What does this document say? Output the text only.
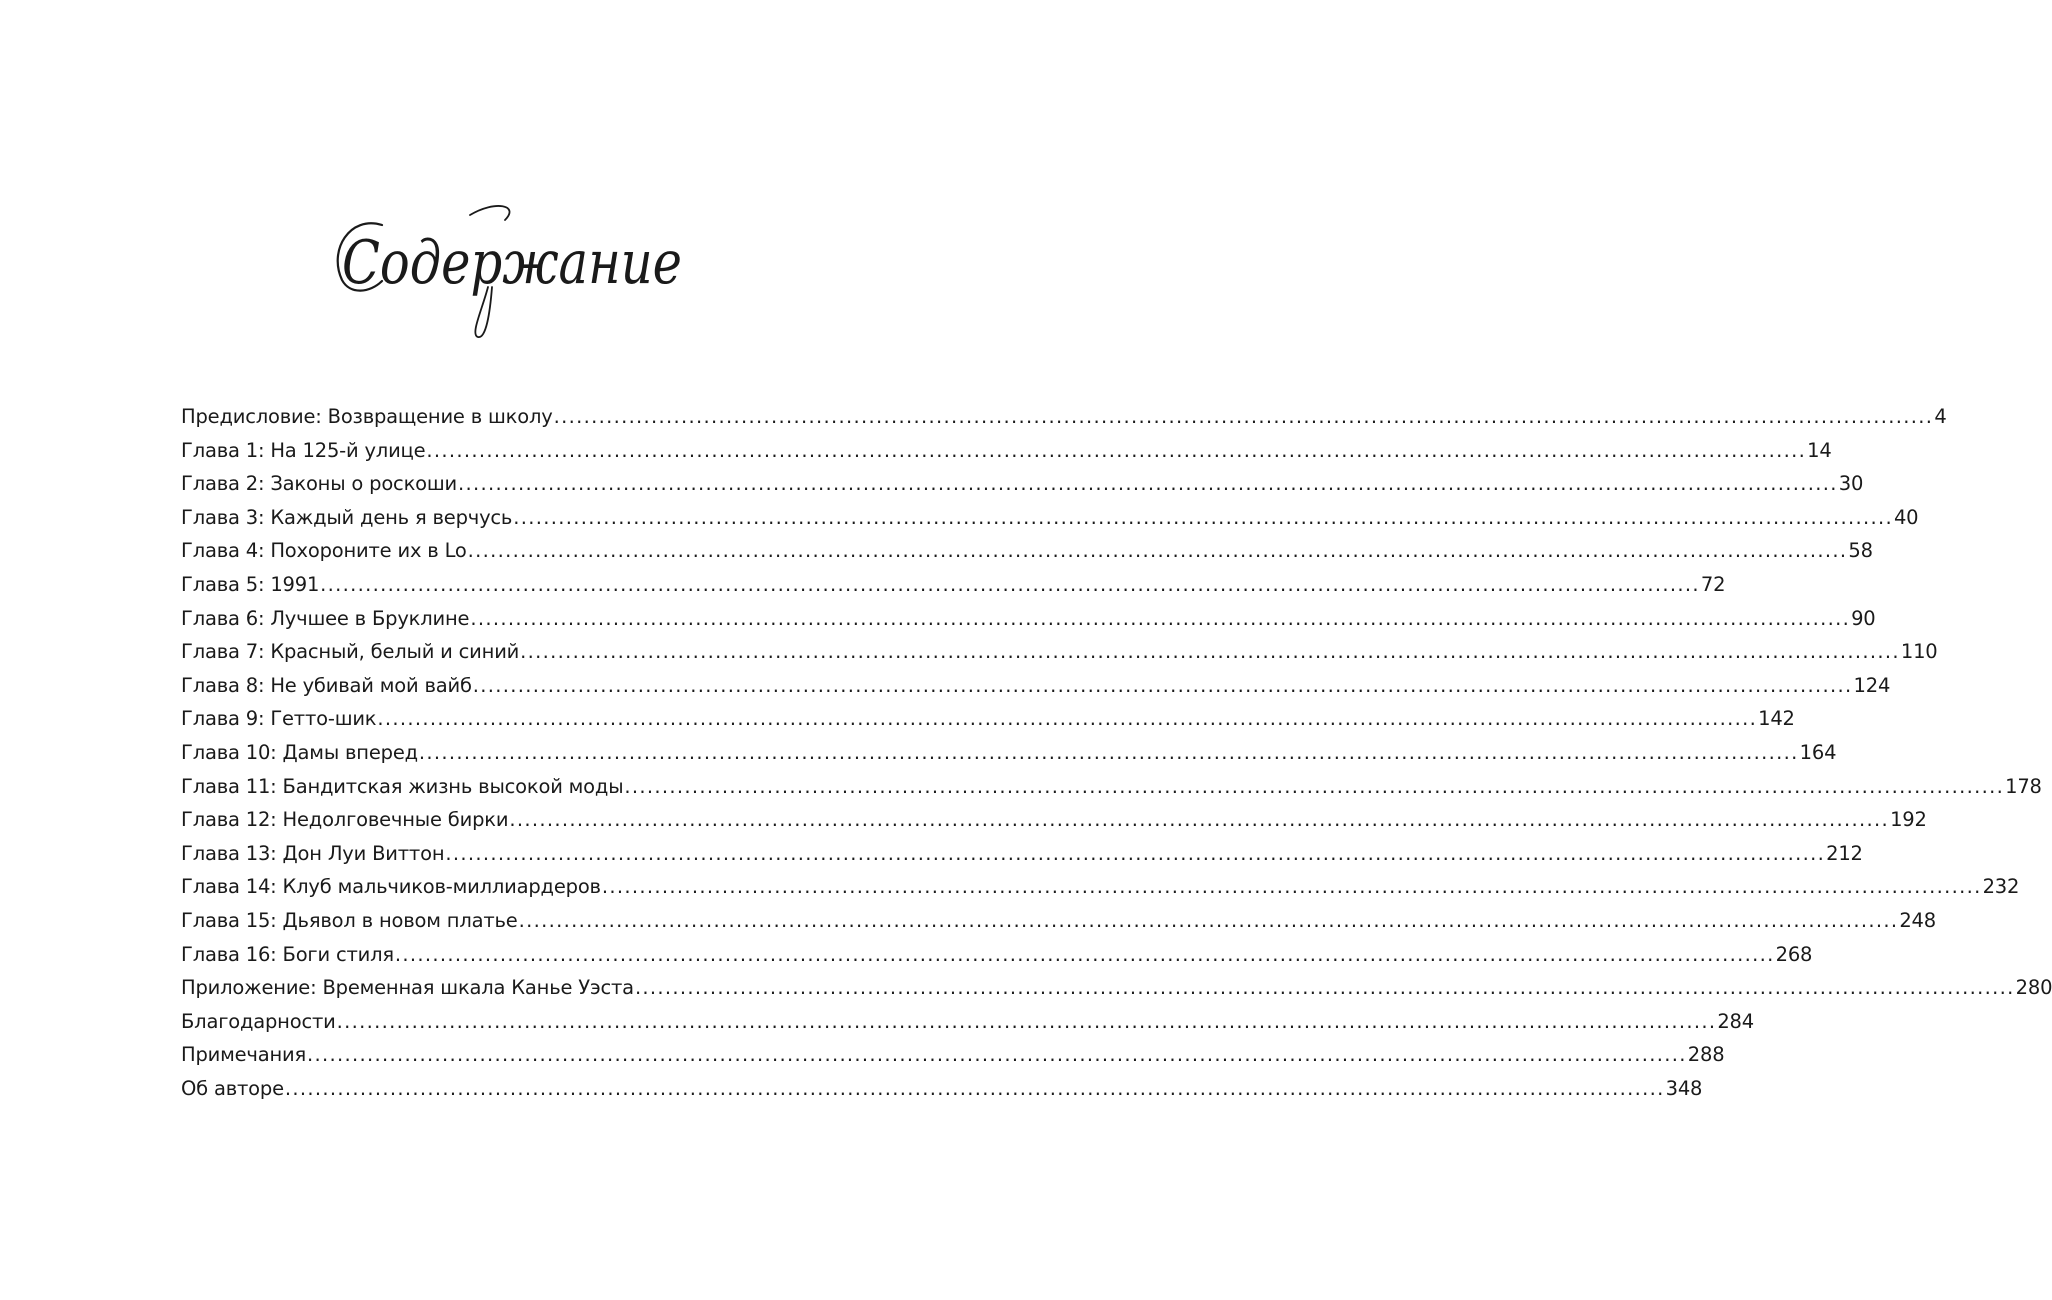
Содержание
Предисловие: Возвращение в школу .....	4
Глава 1: На 125-й улице .....	14
Глава 2: Законы о роскоши .....	30
Глава 3: Каждый день я верчусь .....	40
Глава 4: Похороните их в Lo .....	58
Глава 5: 1991 .....	72
Глава 6: Лучшее в Бруклине .....	90
Глава 7: Красный, белый и синий .....	110
Глава 8: Не убивай мой вайб .....	124
Глава 9: Гетто-шик .....	142
Глава 10: Дамы вперед .....	164
Глава 11: Бандитская жизнь высокой моды .....	178
Глава 12: Недолговечные бирки .....	192
Глава 13: Дон Луи Виттон .....	212
Глава 14: Клуб мальчиков-миллиардеров .....	232
Глава 15: Дьявол в новом платье .....	248
Глава 16: Боги стиля .....	268
Приложение: Временная шкала Канье Уэста .....	280
Благодарности .....	284
Примечания .....	288
Об авторе .....	348
